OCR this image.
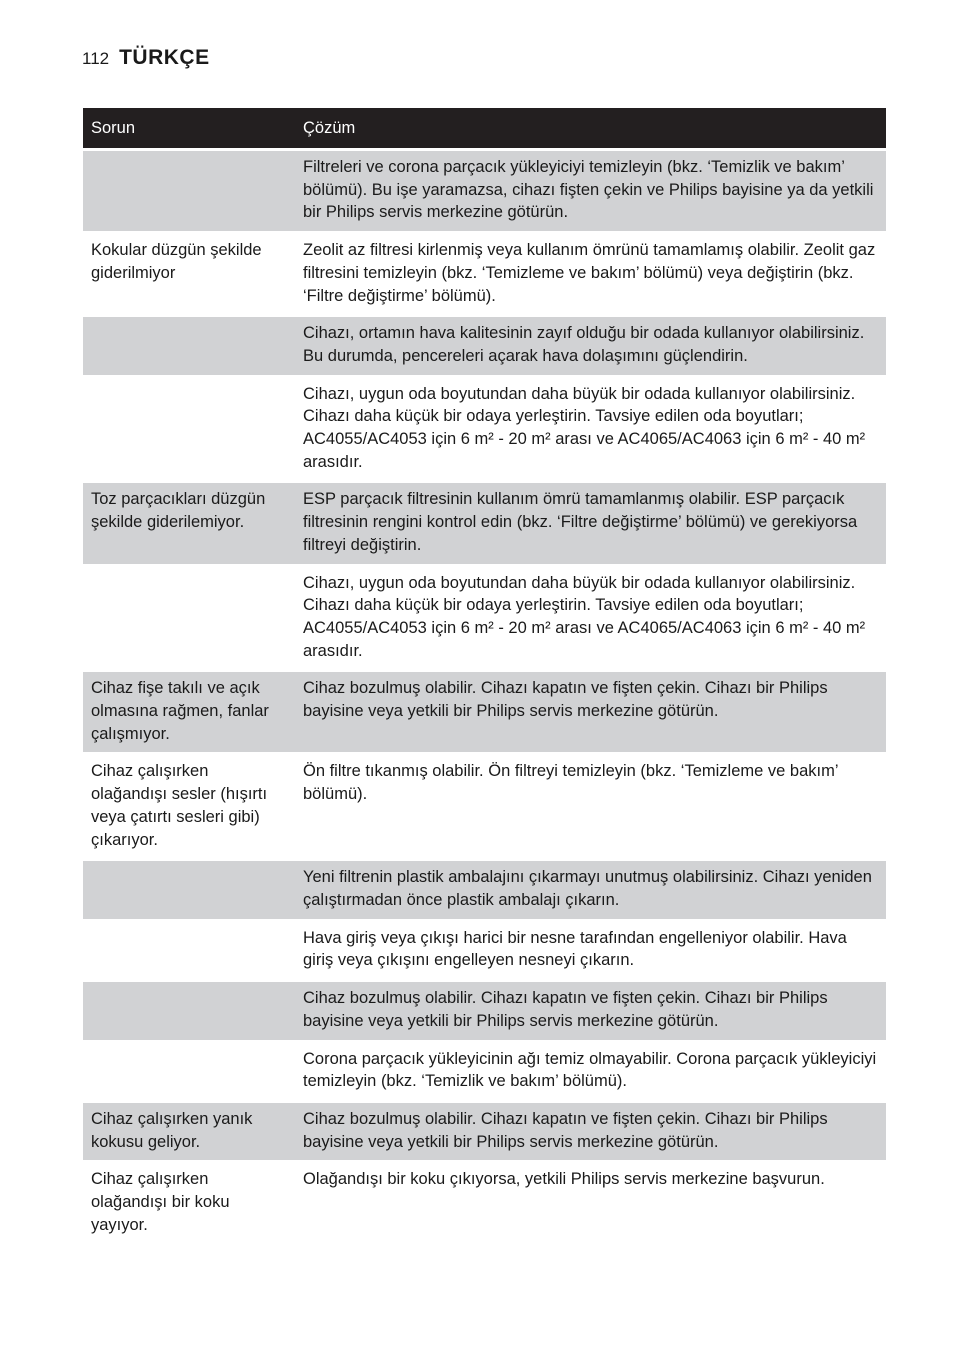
112 TÜRKÇE
Sorun	Çözüm
	Filtreleri ve corona parçacık yükleyiciyi temizleyin (bkz. ‘Temizlik ve bakım’ bölümü). Bu işe yaramazsa, cihazı fişten çekin ve Philips bayisine ya da yetkili bir Philips servis merkezine götürün.
Kokular düzgün şekilde giderilmiyor	Zeolit az filtresi kirlenmiş veya kullanım ömrünü tamamlamış olabilir. Zeolit gaz filtresini temizleyin (bkz. ‘Temizleme ve bakım’ bölümü) veya değiştirin (bkz. ‘Filtre değiştirme’ bölümü).
	Cihazı, ortamın hava kalitesinin zayıf olduğu bir odada kullanıyor olabilirsiniz. Bu durumda, pencereleri açarak hava dolaşımını güçlendirin.
	Cihazı, uygun oda boyutundan daha büyük bir odada kullanıyor olabilirsiniz. Cihazı daha küçük bir odaya yerleştirin. Tavsiye edilen oda boyutları; AC4055/AC4053 için 6 m² - 20 m² arası ve AC4065/AC4063 için 6 m² - 40 m² arasıdır.
Toz parçacıkları düzgün şekilde giderilemiyor.	ESP parçacık filtresinin kullanım ömrü tamamlanmış olabilir. ESP parçacık filtresinin rengini kontrol edin (bkz. ‘Filtre değiştirme’ bölümü) ve gerekiyorsa filtreyi değiştirin.
	Cihazı, uygun oda boyutundan daha büyük bir odada kullanıyor olabilirsiniz. Cihazı daha küçük bir odaya yerleştirin. Tavsiye edilen oda boyutları; AC4055/AC4053 için 6 m² - 20 m² arası ve AC4065/AC4063 için 6 m² - 40 m² arasıdır.
Cihaz fişe takılı ve açık olmasına rağmen, fanlar çalışmıyor.	Cihaz bozulmuş olabilir. Cihazı kapatın ve fişten çekin. Cihazı bir Philips bayisine veya yetkili bir Philips servis merkezine götürün.
Cihaz çalışırken olağandışı sesler (hışırtı veya çatırtı sesleri gibi) çıkarıyor.	Ön filtre tıkanmış olabilir. Ön filtreyi temizleyin (bkz. ‘Temizleme ve bakım’ bölümü).
	Yeni filtrenin plastik ambalajını çıkarmayı unutmuş olabilirsiniz. Cihazı yeniden çalıştırmadan önce plastik ambalajı çıkarın.
	Hava giriş veya çıkışı harici bir nesne tarafından engelleniyor olabilir. Hava giriş veya çıkışını engelleyen nesneyi çıkarın.
	Cihaz bozulmuş olabilir. Cihazı kapatın ve fişten çekin. Cihazı bir Philips bayisine veya yetkili bir Philips servis merkezine götürün.
	Corona parçacık yükleyicinin ağı temiz olmayabilir. Corona parçacık yükleyiciyi temizleyin (bkz. ‘Temizlik ve bakım’ bölümü).
Cihaz çalışırken yanık kokusu geliyor.	Cihaz bozulmuş olabilir. Cihazı kapatın ve fişten çekin. Cihazı bir Philips bayisine veya yetkili bir Philips servis merkezine götürün.
Cihaz çalışırken olağandışı bir koku yayıyor.	Olağandışı bir koku çıkıyorsa, yetkili Philips servis merkezine başvurun.
